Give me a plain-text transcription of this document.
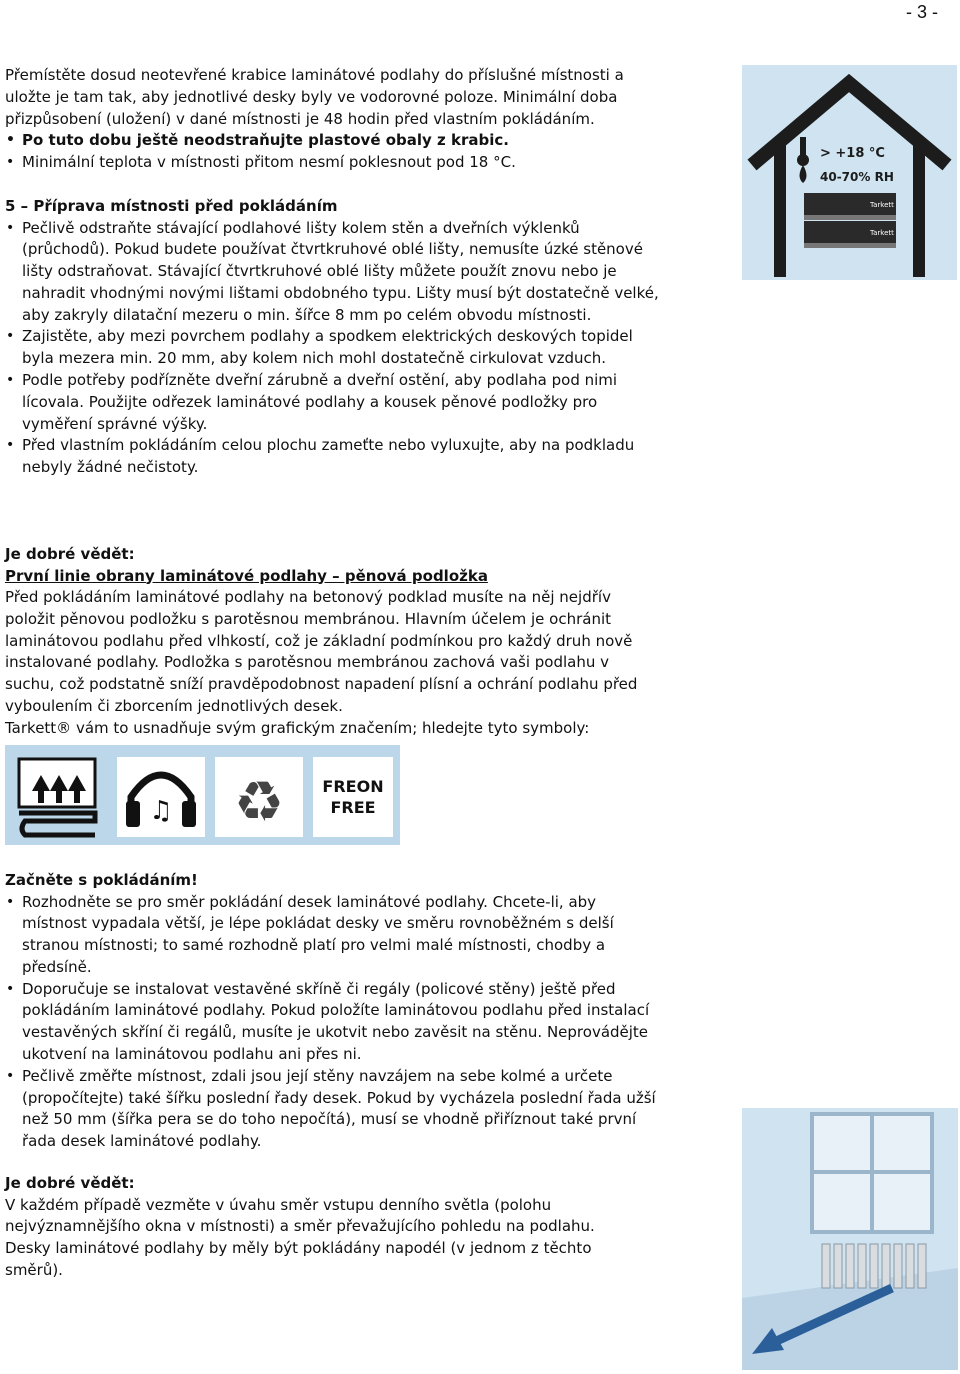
- 3 -

Přemístěte dosud neotevřené krabice laminátové podlahy do příslušné místnosti a uložte je tam tak, aby jednotlivé desky byly ve vodorovné poloze. Minimální doba přizpůsobení (uložení) v dané místnosti je 48 hodin před vlastním pokládáním.

• Po tuto dobu ještě neodstraňujte plastové obaly z krabic.
• Minimální teplota v místnosti přitom nesmí poklesnout pod 18 °C.	> +18 °C
40-70% RH
Tarkett
Tarkett
5 – Příprava místnosti před pokládáním
• Pečlivě odstraňte stávající podlahové lišty kolem stěn a dveřních výklenků (průchodů). Pokud budete používat čtvrtkruhové oblé lišty, nemusíte úzké stěnové lišty odstraňovat. Stávající čtvrtkruhové oblé lišty můžete použít znovu nebo je nahradit vhodnými novými lištami obdobného typu. Lišty musí být dostatečně velké, aby zakryly dilatační mezeru o min. šířce 8 mm po celém obvodu místnosti.
• Zajistěte, aby mezi povrchem podlahy a spodkem elektrických deskových topidel byla mezera min. 20 mm, aby kolem nich mohl dostatečně cirkulovat vzduch.
• Podle potřeby podřízněte dveřní zárubně a dveřní ostění, aby podlaha pod nimi lícovala. Použijte odřezek laminátové podlahy a kousek pěnové podložky pro vyměření správné výšky.
• Před vlastním pokládáním celou plochu zameťte nebo vyluxujte, aby na podkladu nebyly žádné nečistoty.
Je dobré vědět:
První linie obrany laminátové podlahy – pěnová podložka

Před pokládáním laminátové podlahy na betonový podklad musíte na něj nejdřív položit pěnovou podložku s parotěsnou membránou. Hlavním účelem je ochránit laminátovou podlahu před vlhkostí, což je základní podmínkou pro každý druh nově instalované podlahy. Podložka s parotěsnou membránou zachová vaši podlahu v suchu, což podstatně sníží pravděpodobnost napadení plísní a ochrání podlahu před vyboulením či zborcením jednotlivých desek.

Tarkett® vám to usnadňuje svým grafickým značením; hledejte tyto symboly:

♫ ♻ FREON
FREE
Začněte s pokládáním!
• Rozhodněte se pro směr pokládání desek laminátové podlahy. Chcete-li, aby místnost vypadala větší, je lépe pokládat desky ve směru rovnoběžném s delší stranou místnosti; to samé rozhodně platí pro velmi malé místnosti, chodby a předsíně.
• Doporučuje se instalovat vestavěné skříně či regály (policové stěny) ještě před pokládáním laminátové podlahy. Pokud položíte laminátovou podlahu před instalací vestavěných skříní či regálů, musíte je ukotvit nebo zavěsit na stěnu. Neprovádějte ukotvení na laminátovou podlahu ani přes ni.
• Pečlivě změřte místnost, zdali jsou její stěny navzájem na sebe kolmé a určete (propočítejte) také šířku poslední řady desek. Pokud by vycházela poslední řada užší než 50 mm (šířka pera se do toho nepočítá), musí se vhodně přiříznout také první řada desek laminátové podlahy.
Je dobré vědět:

V každém případě vezměte v úvahu směr vstupu denního světla (polohu nejvýznamnějšího okna v místnosti) a směr převažujícího pohledu na podlahu. Desky laminátové podlahy by měly být pokládány napodél (v jednom z těchto směrů).
